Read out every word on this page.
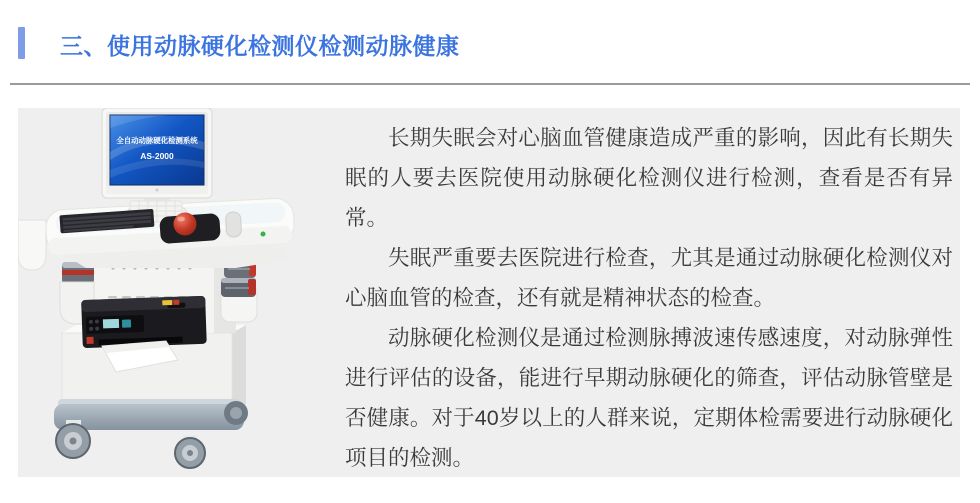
三、使用动脉硬化检测仪检测动脉健康
全自动动脉硬化检测系统
AS-2000

长期失眠会对心脑血管健康造成严重的影响，因此有长期失眠的人要去医院使用动脉硬化检测仪进行检测，查看是否有异常。

失眠严重要去医院进行检查，尤其是通过动脉硬化检测仪对心脑血管的检查，还有就是精神状态的检查。

动脉硬化检测仪是通过检测脉搏波速传感速度，对动脉弹性进行评估的设备，能进行早期动脉硬化的筛查，评估动脉管壁是否健康。对于40岁以上的人群来说，定期体检需要进行动脉硬化项目的检测。
